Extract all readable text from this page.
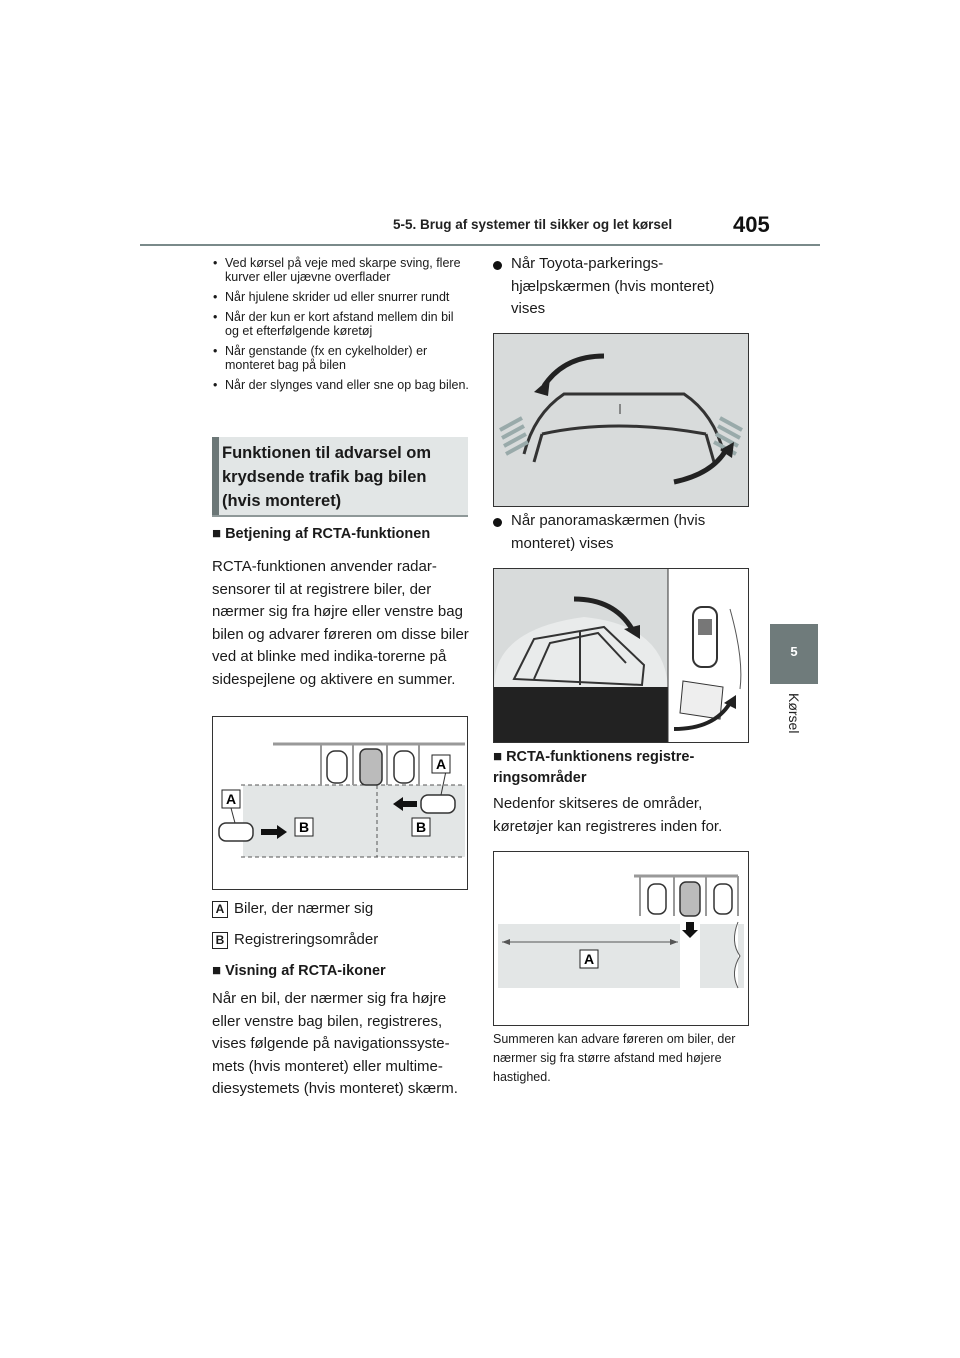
5-5. Brug af systemer til sikker og let kørsel	405
5
Kørsel
• Ved kørsel på veje med skarpe sving, flere kurver eller ujævne overflader
• Når hjulene skrider ud eller snurrer rundt
• Når der kun er kort afstand mellem din bil og et efterfølgende køretøj
• Når genstande (fx en cykelholder) er monteret bag på bilen
• Når der slynges vand eller sne op bag bilen.
Funktionen til advarsel om krydsende trafik bag bilen (hvis monteret)
■ Betjening af RCTA-funktionen
RCTA-funktionen anvender radar-sensorer til at registrere biler, der nærmer sig fra højre eller venstre bag bilen og advarer føreren om disse biler ved at blinke med indika-torerne på sidespejlene og aktivere en summer.
A
A
B	B
A Biler, der nærmer sig
B Registreringsområder
■ Visning af RCTA-ikoner
Når en bil, der nærmer sig fra højre eller venstre bag bilen, registreres, vises følgende på navigationssyste-mets (hvis monteret) eller multime-diesystemets (hvis monteret) skærm.
Når Toyota-parkerings-hjælpskærmen (hvis monteret) vises
Når panoramaskærmen (hvis monteret) vises
■ RCTA-funktionens registre-ringsområder
Nedenfor skitseres de områder, køretøjer kan registreres inden for.
A
Summeren kan advare føreren om biler, der nærmer sig fra større afstand med højere hastighed.
